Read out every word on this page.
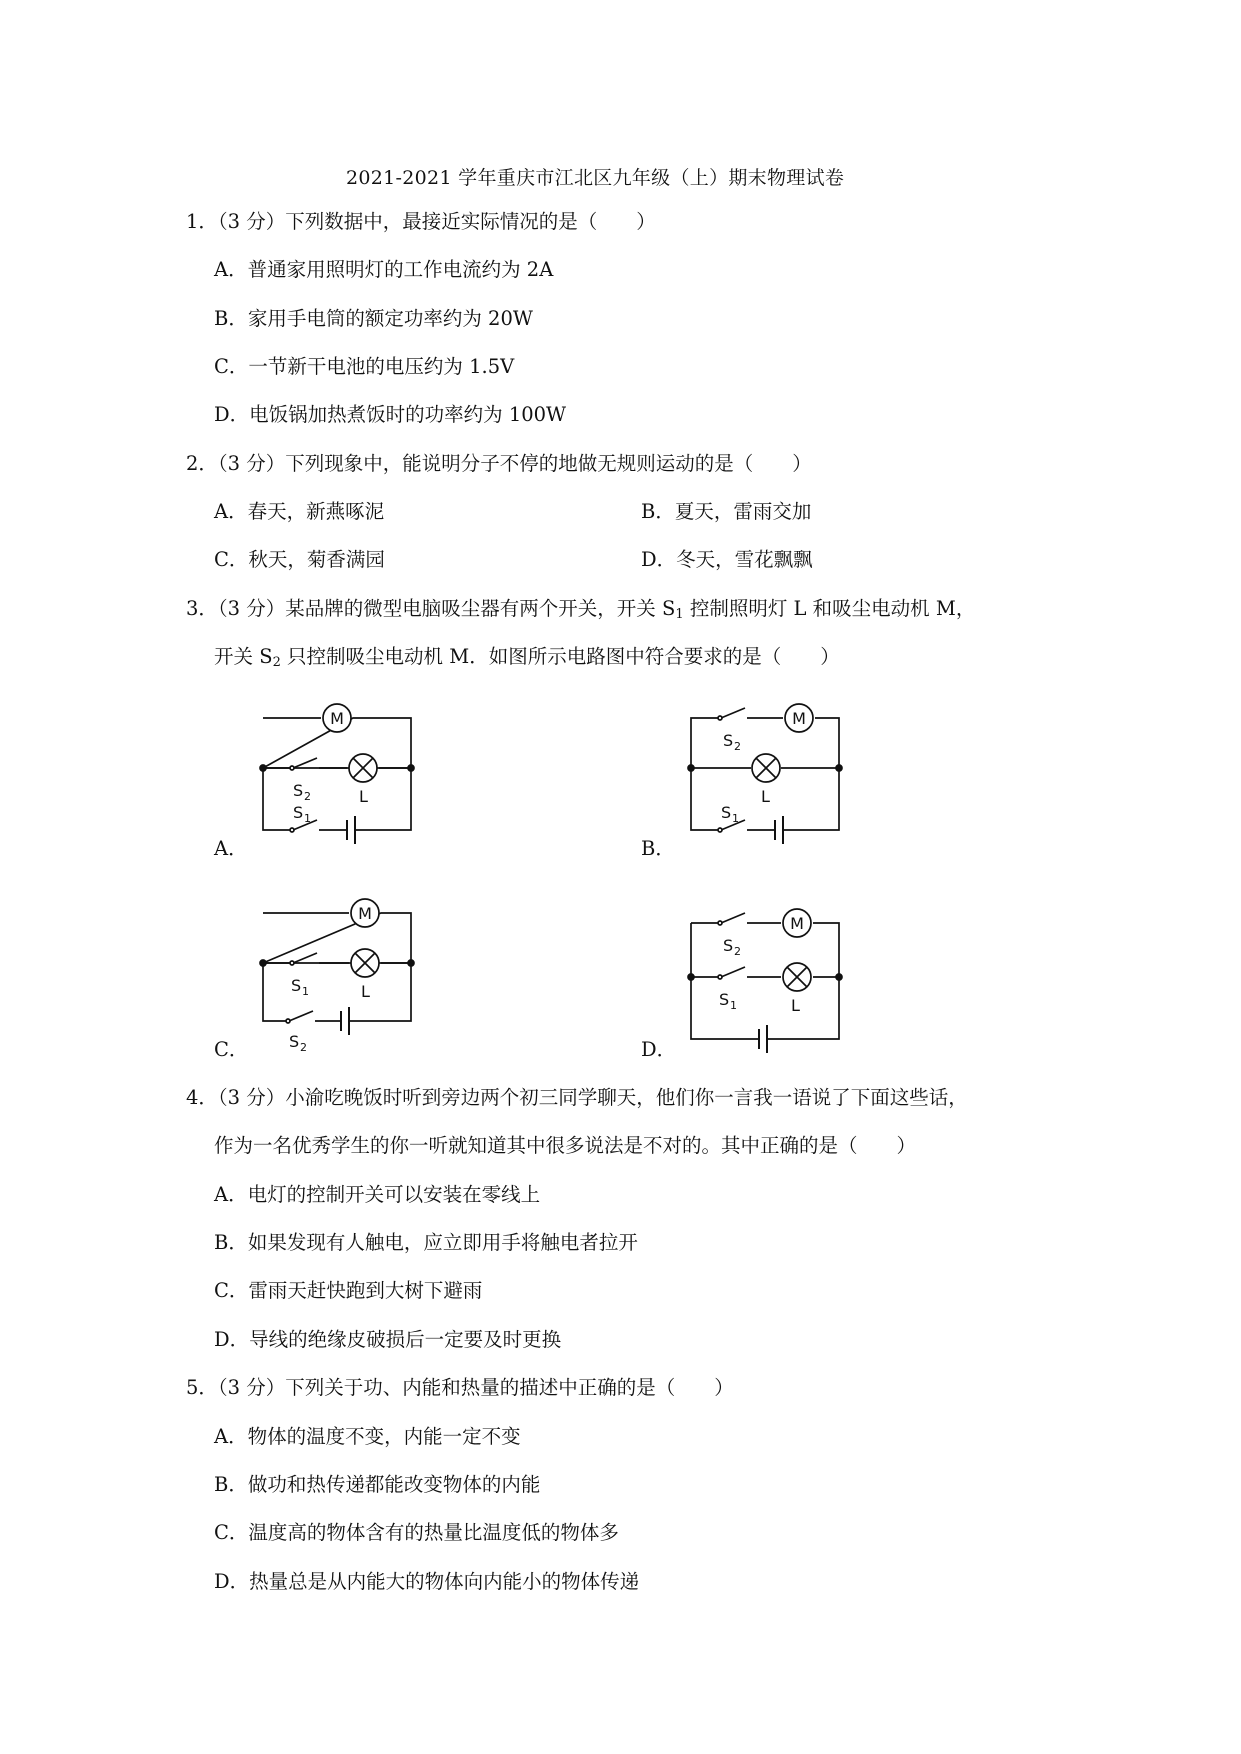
2021-2021 学年重庆市江北区九年级（上）期末物理试卷
1．（3 分）下列数据中，最接近实际情况的是（　　）
A．普通家用照明灯的工作电流约为 2A
B．家用手电筒的额定功率约为 20W
C．一节新干电池的电压约为 1.5V
D．电饭锅加热煮饭时的功率约为 100W
2．（3 分）下列现象中，能说明分子不停的地做无规则运动的是（　　）
A．春天，新燕啄泥	B．夏天，雷雨交加
C．秋天，菊香满园	D．冬天，雪花飘飘
3．（3 分）某品牌的微型电脑吸尘器有两个开关，开关 $S_1$ 控制照明灯 L 和吸尘电动机 M，
开关 $S_2$ 只控制吸尘电动机 M．如图所示电路图中符合要求的是（　　）
A．	B．
C．	D．
M
S 2	L
S 1
M
S 2
L
S 1
M
S 1	L
S 2
M
S 2
S 1	L
4．（3 分）小渝吃晚饭时听到旁边两个初三同学聊天，他们你一言我一语说了下面这些话，
作为一名优秀学生的你一听就知道其中很多说法是不对的。其中正确的是（　　）
A．电灯的控制开关可以安装在零线上
B．如果发现有人触电，应立即用手将触电者拉开
C．雷雨天赶快跑到大树下避雨
D．导线的绝缘皮破损后一定要及时更换
5．（3 分）下列关于功、内能和热量的描述中正确的是（　　）
A．物体的温度不变，内能一定不变
B．做功和热传递都能改变物体的内能
C．温度高的物体含有的热量比温度低的物体多
D．热量总是从内能大的物体向内能小的物体传递
